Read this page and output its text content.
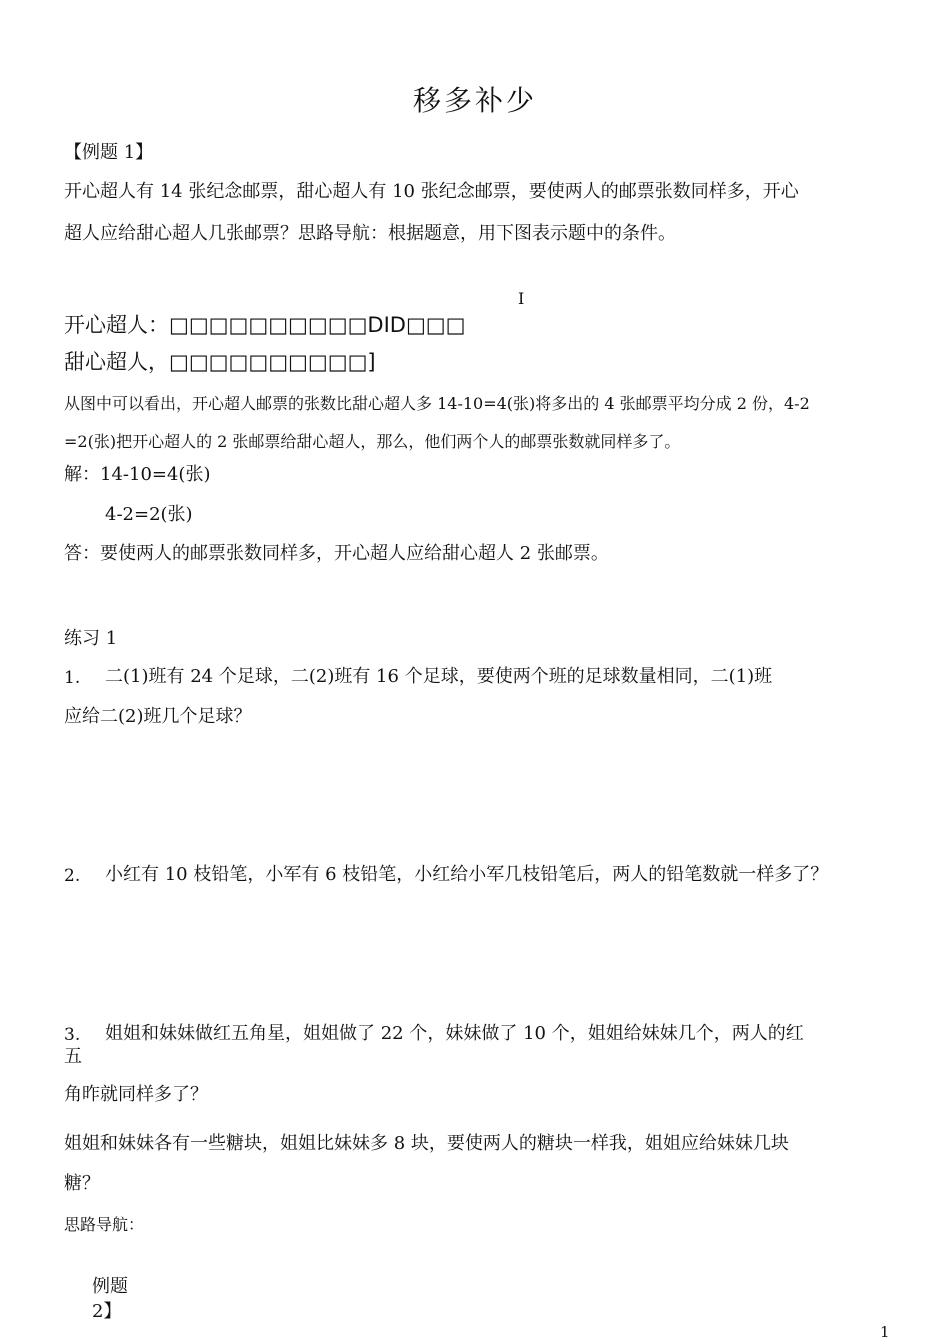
移多补少
【例题 1】
开心超人有 14 张纪念邮票，甜心超人有 10 张纪念邮票，要使两人的邮票张数同样多，开心
超人应给甜心超人几张邮票？思路导航：根据题意，用下图表示题中的条件。
I
开心超人：□□□□□□□□□□DID□□□
甜心超人，□□□□□□□□□□]
从图中可以看出，开心超人邮票的张数比甜心超人多 14-10=4(张)将多出的 4 张邮票平均分成 2 份，4-2
=2(张)把开心超人的 2 张邮票给甜心超人，那么，他们两个人的邮票张数就同样多了。
解：14-10=4(张)
4-2=2(张)
答：要使两人的邮票张数同样多，开心超人应给甜心超人 2 张邮票。
练习 1
1. 二(1)班有 24 个足球，二(2)班有 16 个足球，要使两个班的足球数量相同，二(1)班
应给二(2)班几个足球？
2. 小红有 10 枝铅笔，小军有 6 枝铅笔，小红给小军几枝铅笔后，两人的铅笔数就一样多了？
3. 姐姐和妹妹做红五角星，姐姐做了 22 个，妹妹做了 10 个，姐姐给妹妹几个，两人的红
五
角昨就同样多了？
姐姐和妹妹各有一些糖块，姐姐比妹妹多 8 块，要使两人的糖块一样我，姐姐应给妹妹几块
糖？
思路导航：
例题
2】
1
